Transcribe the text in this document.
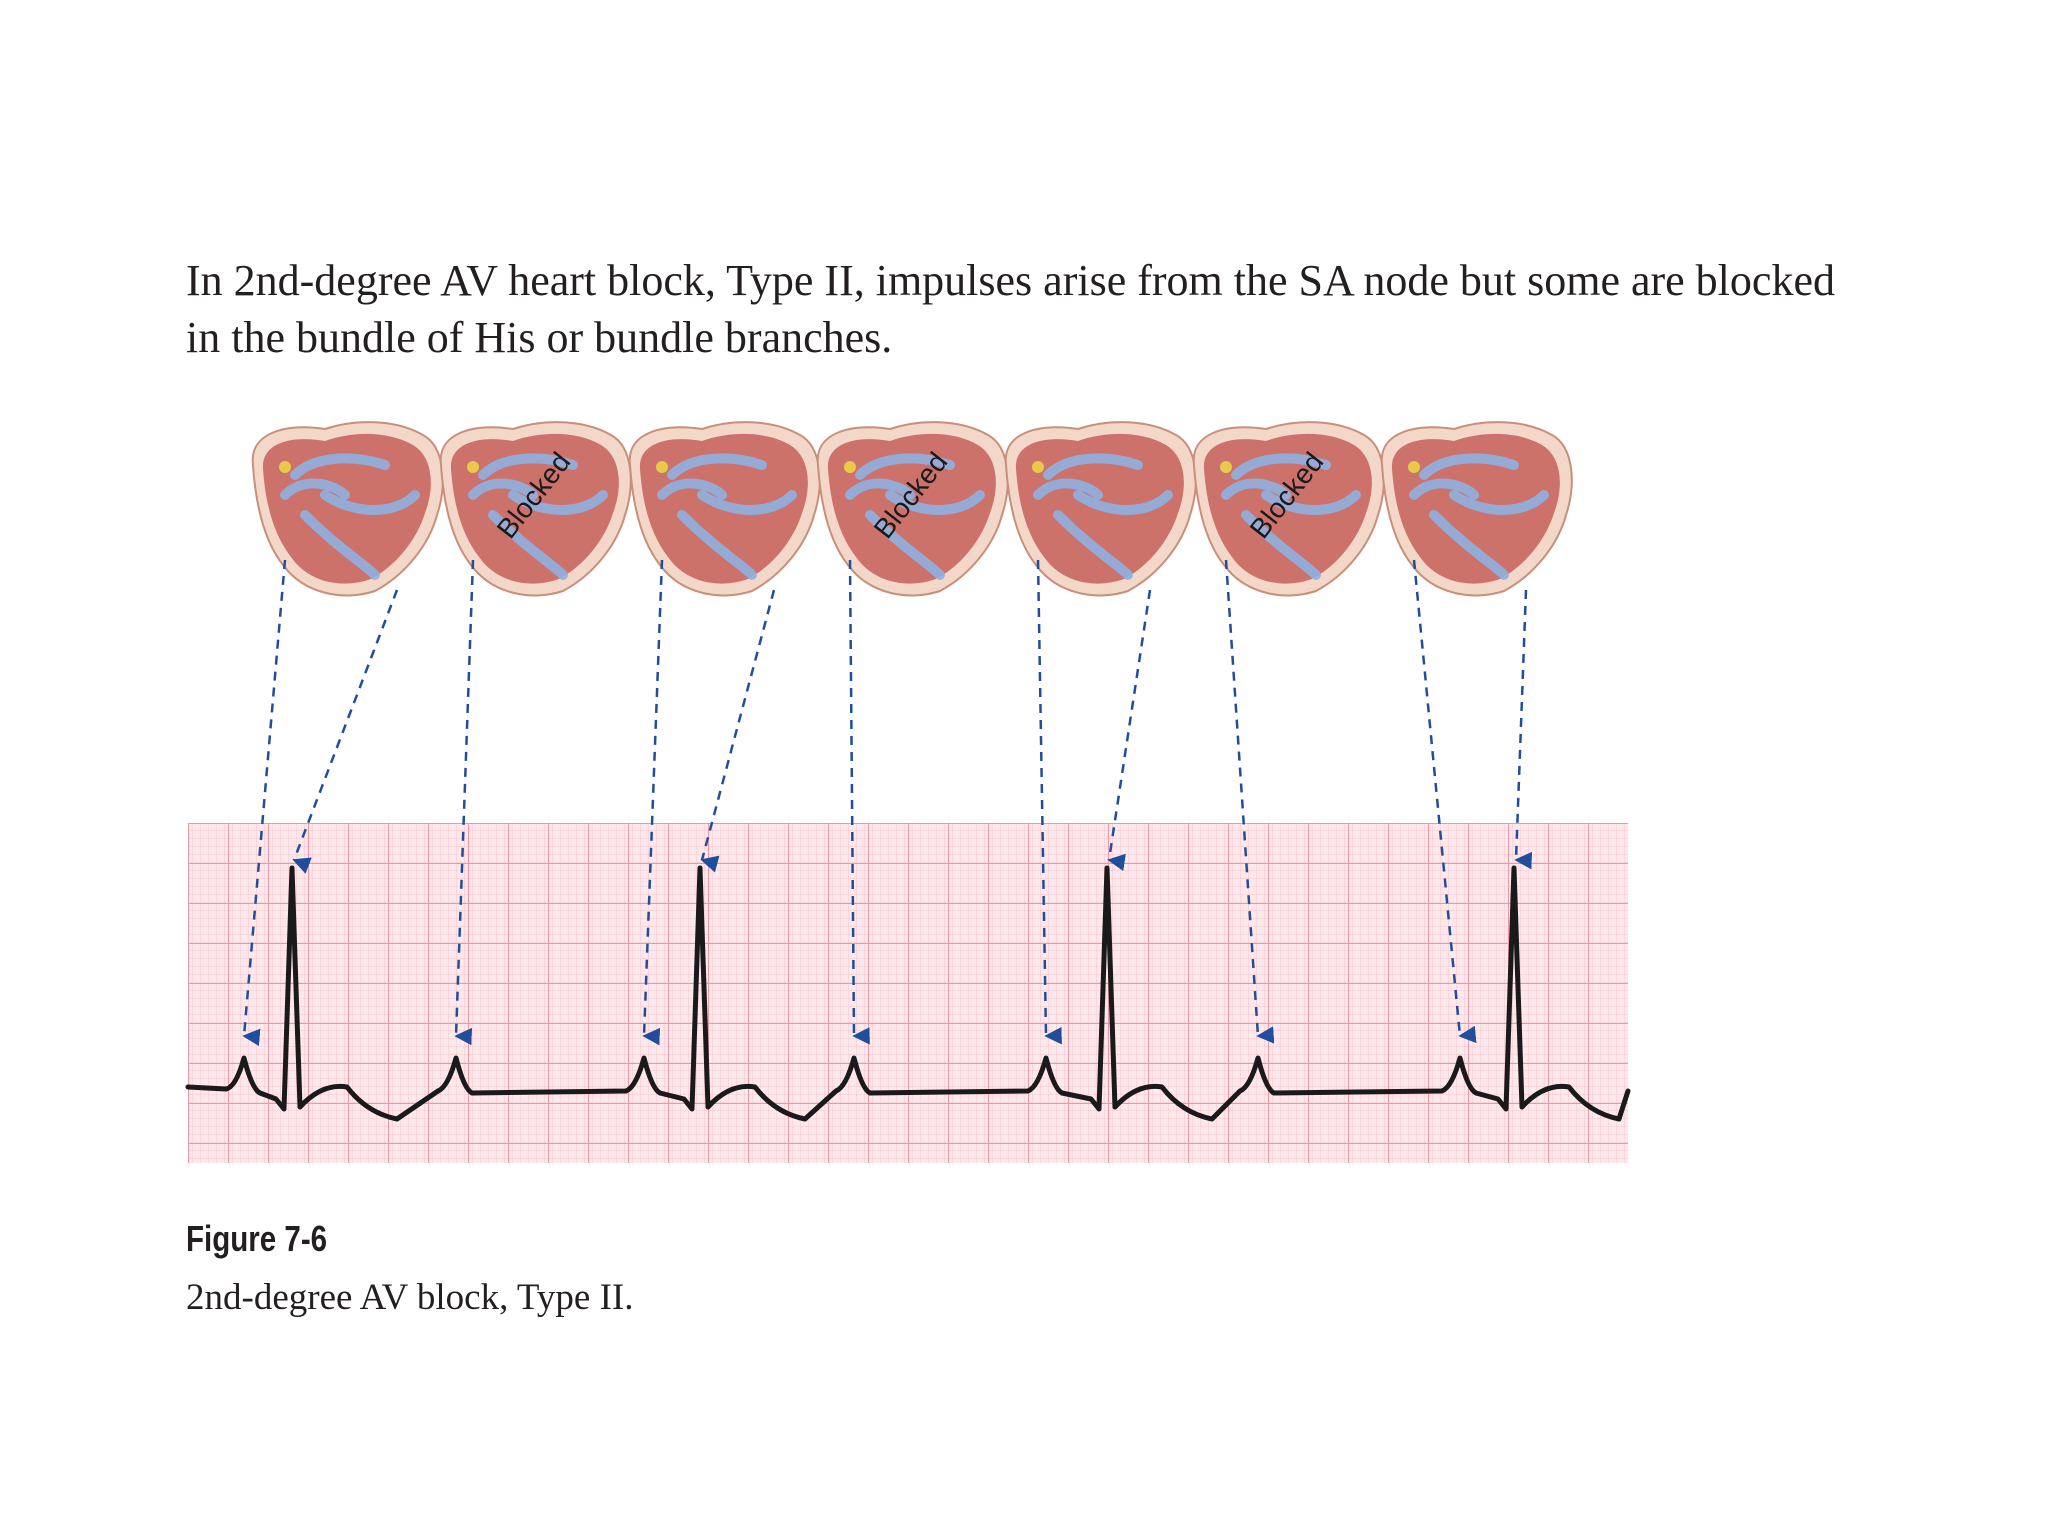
In 2nd-degree AV heart block, Type II, impulses arise from the SA node but some are blocked
in the bundle of His or bundle branches.

Blocked	Blocked	Blocked
Figure 7-6
2nd-degree AV block, Type II.
